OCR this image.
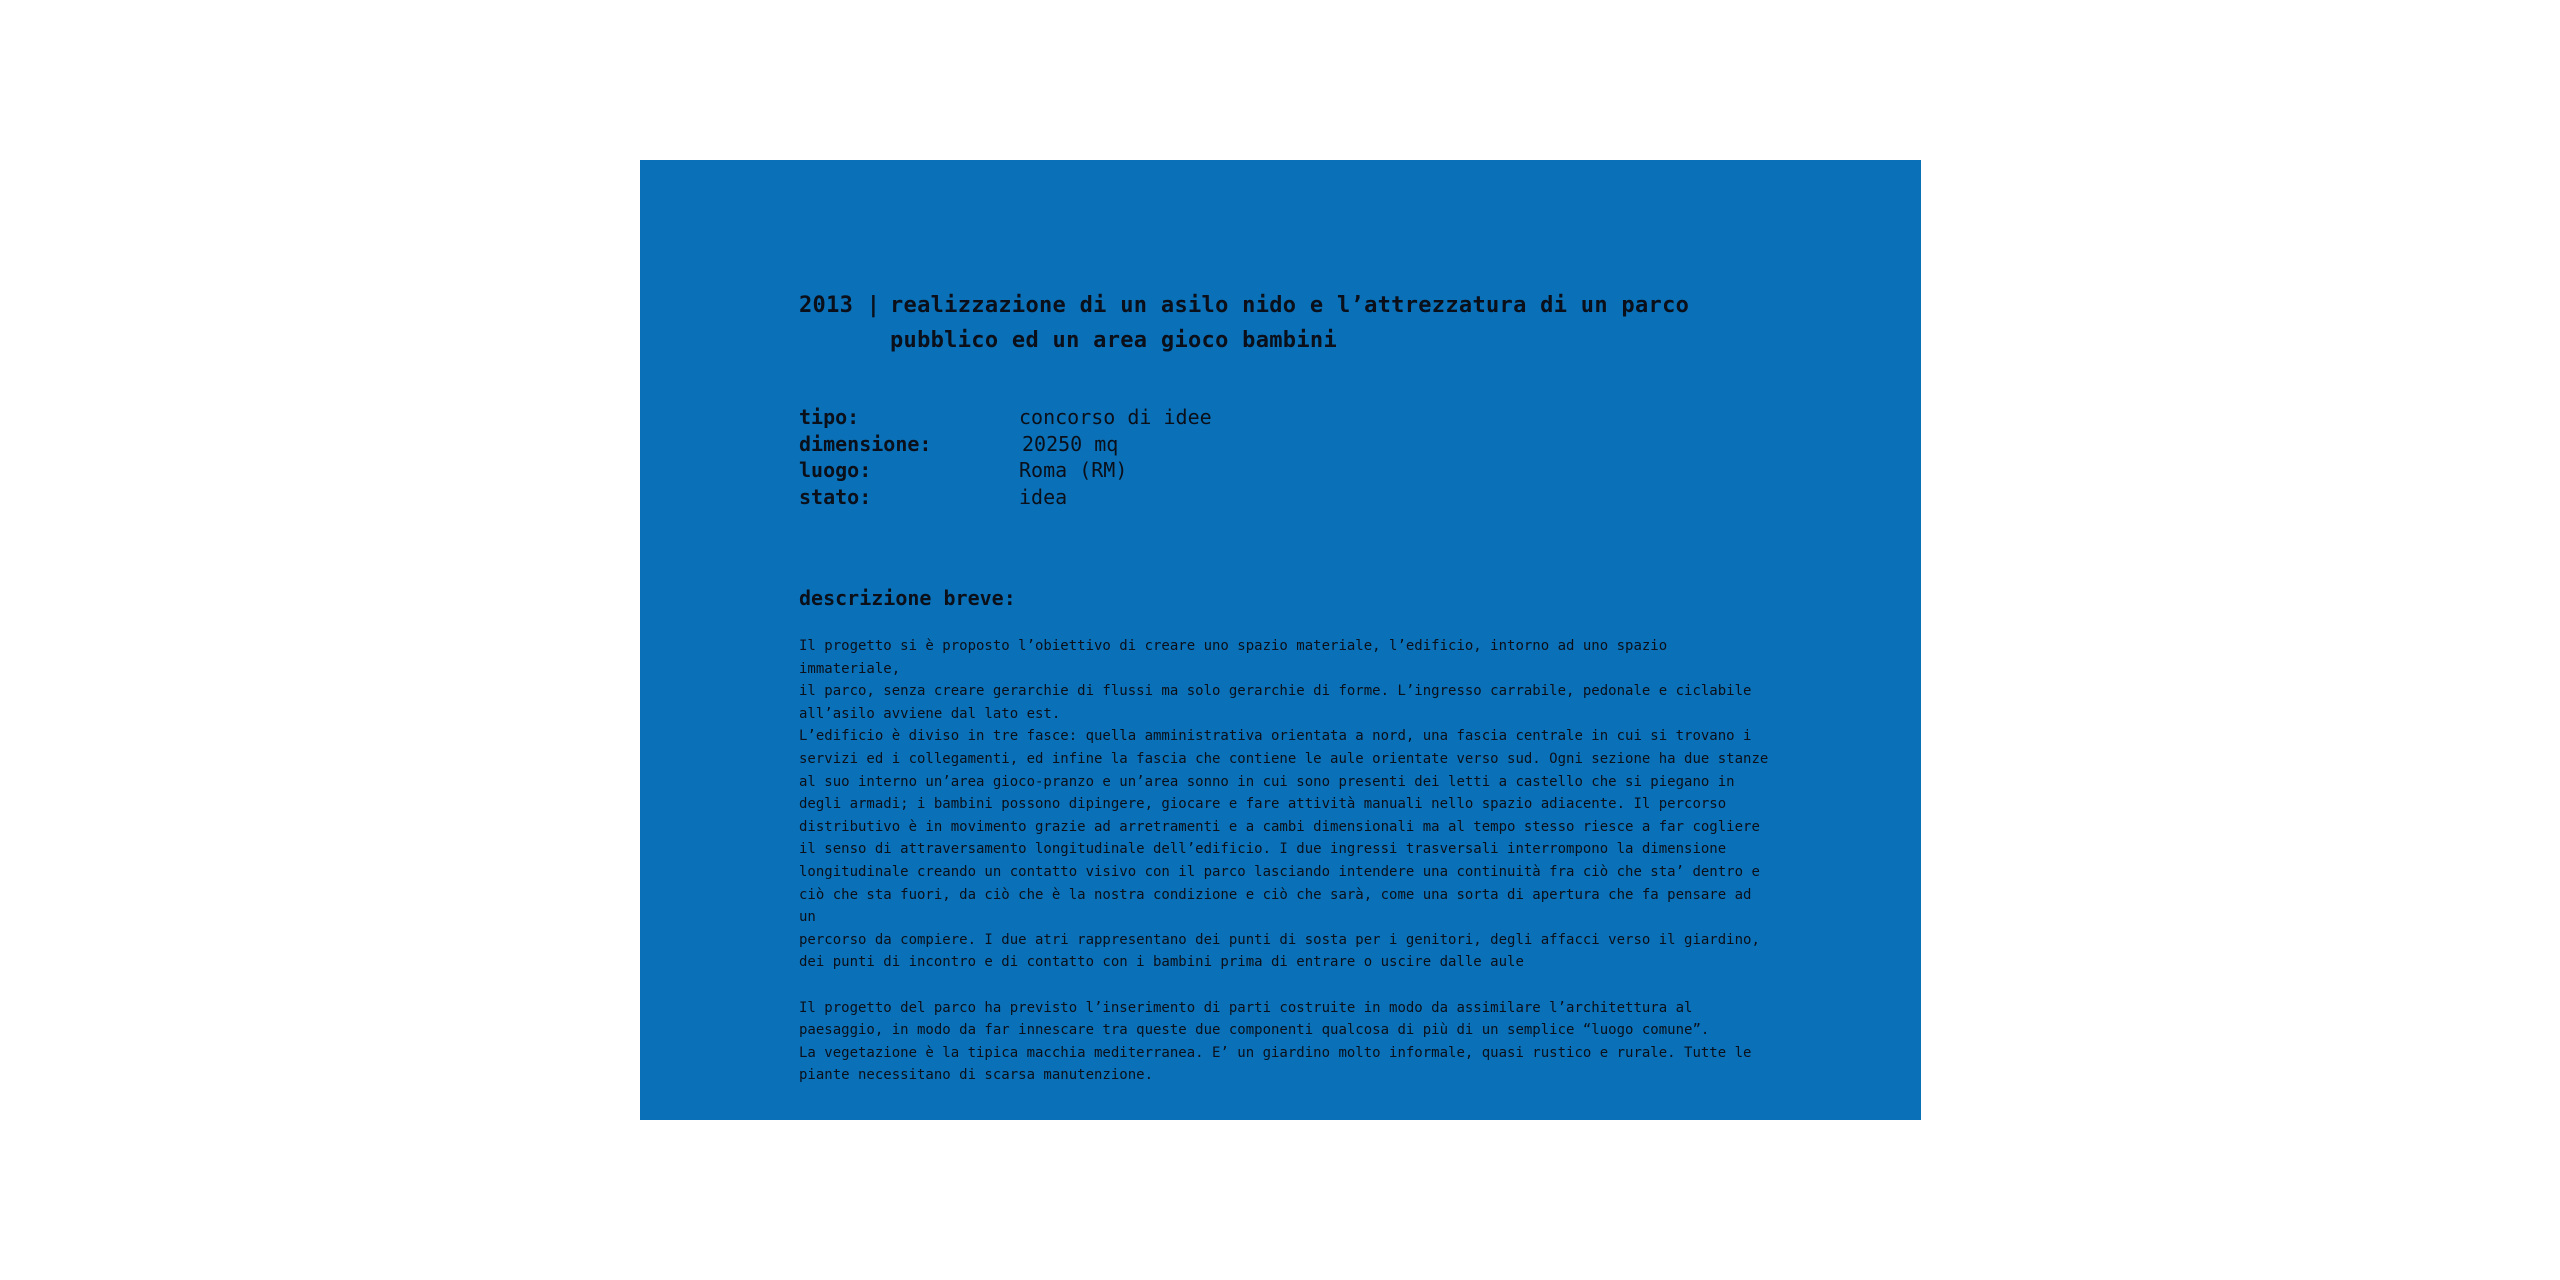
2013 | realizzazione di un asilo nido e l’attrezzatura di un parco pubblico ed un area gioco bambini
tipo:	concorso di idee
dimensione:	20250 mq
luogo:	Roma (RM)
stato:	idea
descrizione breve:

Il progetto si è proposto l’obiettivo di creare uno spazio materiale, l’edificio, intorno ad uno spazio immateriale,
il parco, senza creare gerarchie di flussi ma solo gerarchie di forme. L’ingresso carrabile, pedonale e ciclabile
all’asilo avviene dal lato est.
L’edificio è diviso in tre fasce: quella amministrativa orientata a nord, una fascia centrale in cui si trovano i
servizi ed i collegamenti, ed infine la fascia che contiene le aule orientate verso sud. Ogni sezione ha due stanze
al suo interno un’area gioco-pranzo e un’area sonno in cui sono presenti dei letti a castello che si piegano in
degli armadi; i bambini possono dipingere, giocare e fare attività manuali nello spazio adiacente. Il percorso
distributivo è in movimento grazie ad arretramenti e a cambi dimensionali ma al tempo stesso riesce a far cogliere
il senso di attraversamento longitudinale dell’edificio. I due ingressi trasversali interrompono la dimensione
longitudinale creando un contatto visivo con il parco lasciando intendere una continuità fra ciò che sta’ dentro e
ciò che sta fuori, da ciò che è la nostra condizione e ciò che sarà, come una sorta di apertura che fa pensare ad un
percorso da compiere. I due atri rappresentano dei punti di sosta per i genitori, degli affacci verso il giardino,
dei punti di incontro e di contatto con i bambini prima di entrare o uscire dalle aule

Il progetto del parco ha previsto l’inserimento di parti costruite in modo da assimilare l’architettura al
paesaggio, in modo da far innescare tra queste due componenti qualcosa di più di un semplice “luogo comune”.
La vegetazione è la tipica macchia mediterranea. E’ un giardino molto informale, quasi rustico e rurale. Tutte le
piante necessitano di scarsa manutenzione.
